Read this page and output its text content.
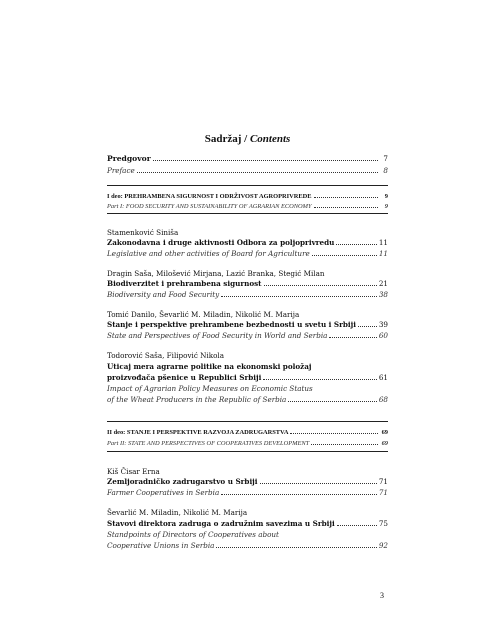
Sadržaj / Contents
Predgovor	7
Preface	8
I deo: PREHRAMBENA SIGURNOST I ODRŽIVOST AGROPRIVREDE	9
Part I: FOOD SECURITY AND SUSTAINABILITY OF AGRARIAN ECONOMY	9
Stamenković Siniša
Zakonodavna i druge aktivnosti Odbora za poljoprivredu	11
Legislative and other activities of Board for Agriculture	11
Dragin Saša, Milošević Mirjana, Lazić Branka, Stegić Milan
Biodiverzitet i prehrambena sigurnost	21
Biodiversity and Food Security	38
Tomić Danilo, Ševarlić M. Miladin, Nikolić M. Marija
Stanje i perspektive prehrambene bezbednosti u svetu i Srbiji	39
State and Perspectives of Food Security in World and Serbia	60
Todorović Saša, Filipović Nikola
Uticaj mera agrarne politike na ekonomski položaj
proizvođača pšenice u Republici Srbiji	61
Impact of Agrarian Policy Measures on Economic Status
of the Wheat Producers in the Republic of Serbia	68
II deo: STANJE I PERSPEKTIVE RAZVOJA ZADRUGARSTVA	69
Part II: STATE AND PERSPECTIVES OF COOPERATIVES DEVELOPMENT	69
Kiš Čisar Erna
Zemljoradničko zadrugarstvo u Srbiji	71
Farmer Cooperatives in Serbia	71
Ševarlić M. Miladin, Nikolić M. Marija
Stavovi direktora zadruga o zadružnim savezima u Srbiji	75
Standpoints of Directors of Cooperatives about
Cooperative Unions in Serbia	92
3
